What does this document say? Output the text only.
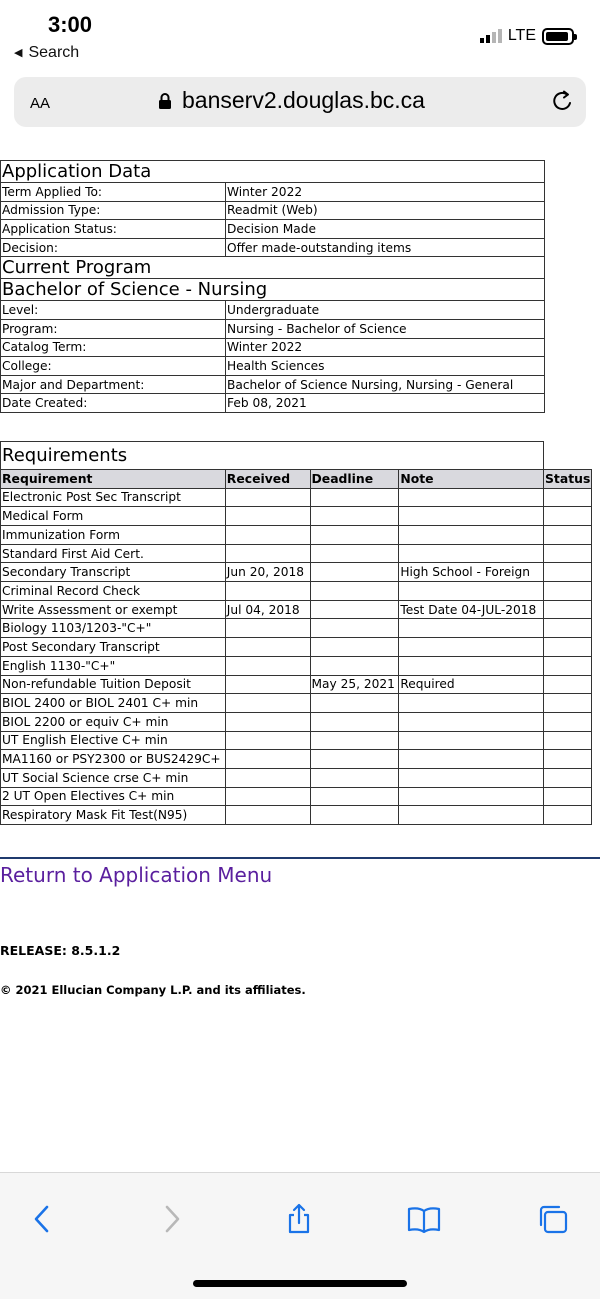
3:00
◀ Search
LTE
AA	banserv2.douglas.bc.ca
Application Data	
Term Applied To:	Winter 2022
Admission Type:	Readmit (Web)
Application Status:	Decision Made
Decision:	Offer made-outstanding items
Current Program	
Bachelor of Science - Nursing	
Level:	Undergraduate
Program:	Nursing - Bachelor of Science
Catalog Term:	Winter 2022
College:	Health Sciences
Major and Department:	Bachelor of Science Nursing, Nursing - General
Date Created:	Feb 08, 2021
Requirements				
Requirement	Received	Deadline	Note	Status
Electronic Post Sec Transcript				
Medical Form				
Immunization Form				
Standard First Aid Cert.				
Secondary Transcript	Jun 20, 2018		High School - Foreign	
Criminal Record Check				
Write Assessment or exempt	Jul 04, 2018		Test Date 04-JUL-2018	
Biology 1103/1203-"C+"				
Post Secondary Transcript				
English 1130-"C+"				
Non-refundable Tuition Deposit		May 25, 2021	Required	
BIOL 2400 or BIOL 2401 C+ min				
BIOL 2200 or equiv C+ min				
UT English Elective C+ min				
MA1160 or PSY2300 or BUS2429C+				
UT Social Science crse C+ min				
2 UT Open Electives C+ min				
Respiratory Mask Fit Test(N95)				
Return to Application Menu
RELEASE: 8.5.1.2
© 2021 Ellucian Company L.P. and its affiliates.
